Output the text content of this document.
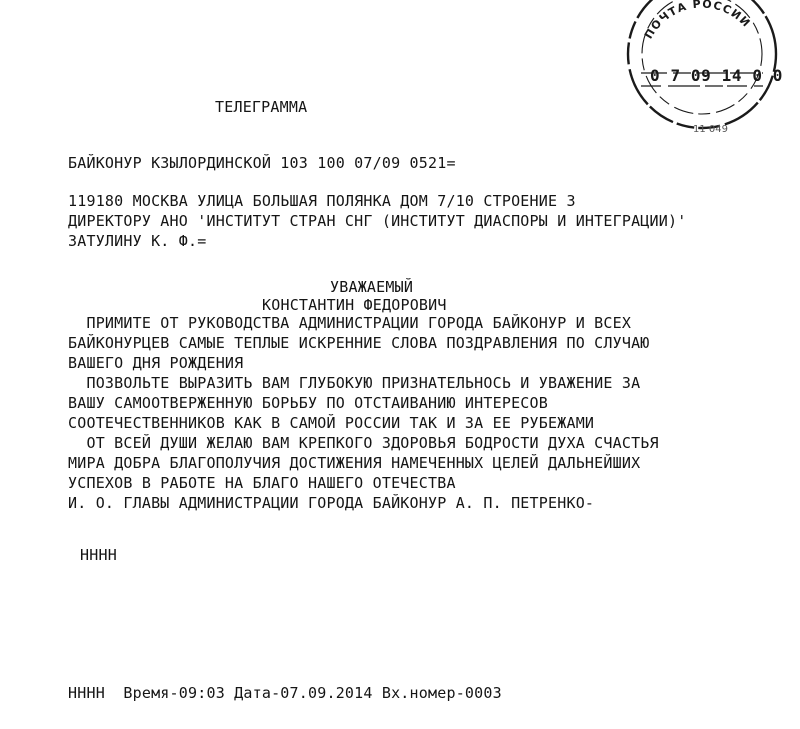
ПОЧТА РОССИИ
0 7 09 14 0 0
11 049
ТЕЛЕГРАММА
БАЙКОНУР КЗЫЛОРДИНСКОЙ 103 100 07/09 0521=
119180 МОСКВА УЛИЦА БОЛЬШАЯ ПОЛЯНКА ДОМ 7/10 СТРОЕНИЕ 3
ДИРЕКТОРУ АНО 'ИНСТИТУТ СТРАН СНГ (ИНСТИТУТ ДИАСПОРЫ И ИНТЕГРАЦИИ)'
ЗАТУЛИНУ К. Ф.=
УВАЖАЕМЫЙ
КОНСТАНТИН ФЕДОРОВИЧ
ПРИМИТЕ ОТ РУКОВОДСТВА АДМИНИСТРАЦИИ ГОРОДА БАЙКОНУР И ВСЕХ
БАЙКОНУРЦЕВ САМЫЕ ТЕПЛЫЕ ИСКРЕННИЕ СЛОВА ПОЗДРАВЛЕНИЯ ПО СЛУЧАЮ
ВАШЕГО ДНЯ РОЖДЕНИЯ
ПОЗВОЛЬТЕ ВЫРАЗИТЬ ВАМ ГЛУБОКУЮ ПРИЗНАТЕЛЬНОСЬ И УВАЖЕНИЕ ЗА
ВАШУ САМООТВЕРЖЕННУЮ БОРЬБУ ПО ОТСТАИВАНИЮ ИНТЕРЕСОВ
СООТЕЧЕСТВЕННИКОВ КАК В САМОЙ РОССИИ ТАК И ЗА ЕЕ РУБЕЖАМИ
ОТ ВСЕЙ ДУШИ ЖЕЛАЮ ВАМ КРЕПКОГО ЗДОРОВЬЯ БОДРОСТИ ДУХА СЧАСТЬЯ
МИРА ДОБРА БЛАГОПОЛУЧИЯ ДОСТИЖЕНИЯ НАМЕЧЕННЫХ ЦЕЛЕЙ ДАЛЬНЕЙШИХ
УСПЕХОВ В РАБОТЕ НА БЛАГО НАШЕГО ОТЕЧЕСТВА
И. О. ГЛАВЫ АДМИНИСТРАЦИИ ГОРОДА БАЙКОНУР А. П. ПЕТРЕНКО-
НННН
НННН  Время-09:03 Дата-07.09.2014 Вх.номер-0003
